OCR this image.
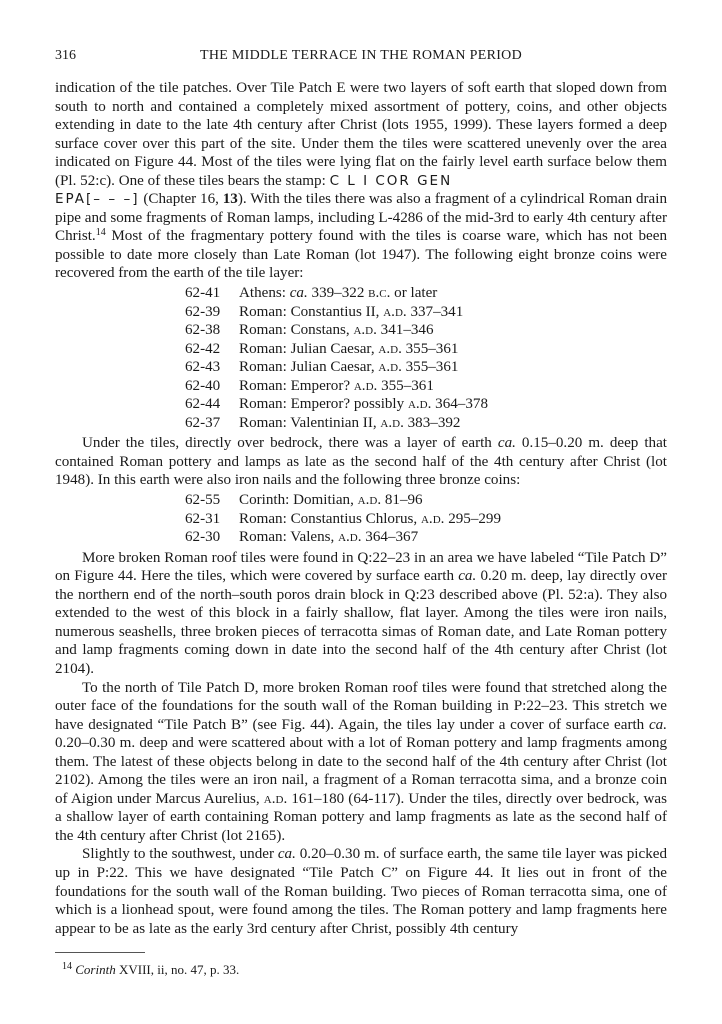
316	THE MIDDLE TERRACE IN THE ROMAN PERIOD

indication of the tile patches. Over Tile Patch E were two layers of soft earth that sloped down from south to north and contained a completely mixed assortment of pottery, coins, and other objects extending in date to the late 4th century after Christ (lots 1955, 1999). These layers formed a deep surface cover over this part of the site. Under them the tiles were scattered unevenly over the area indicated on Figure 44. Most of the tiles were lying flat on the fairly level earth surface below them (Pl. 52:c). One of these tiles bears the stamp: C L I COR GEN
EPA[– – –] (Chapter 16, 13). With the tiles there was also a fragment of a cylindrical Roman drain pipe and some fragments of Roman lamps, including L-4286 of the mid-3rd to early 4th century after Christ.$^{14}$ Most of the fragmentary pottery found with the tiles is coarse ware, which has not been possible to date more closely than Late Roman (lot 1947). The following eight bronze coins were recovered from the earth of the tile layer:

62-41	Athens: ca. 339–322 b.c. or later
62-39	Roman: Constantius II, a.d. 337–341
62-38	Roman: Constans, a.d. 341–346
62-42	Roman: Julian Caesar, a.d. 355–361
62-43	Roman: Julian Caesar, a.d. 355–361
62-40	Roman: Emperor? a.d. 355–361
62-44	Roman: Emperor? possibly a.d. 364–378
62-37	Roman: Valentinian II, a.d. 383–392

Under the tiles, directly over bedrock, there was a layer of earth ca. 0.15–0.20 m. deep that contained Roman pottery and lamps as late as the second half of the 4th century after Christ (lot 1948). In this earth were also iron nails and the following three bronze coins:

62-55	Corinth: Domitian, a.d. 81–96
62-31	Roman: Constantius Chlorus, a.d. 295–299
62-30	Roman: Valens, a.d. 364–367

More broken Roman roof tiles were found in Q:22–23 in an area we have labeled “Tile Patch D” on Figure 44. Here the tiles, which were covered by surface earth ca. 0.20 m. deep, lay directly over the northern end of the north–south poros drain block in Q:23 described above (Pl. 52:a). They also extended to the west of this block in a fairly shallow, flat layer. Among the tiles were iron nails, numerous seashells, three broken pieces of terracotta simas of Roman date, and Late Roman pottery and lamp fragments coming down in date into the second half of the 4th century after Christ (lot 2104).

To the north of Tile Patch D, more broken Roman roof tiles were found that stretched along the outer face of the foundations for the south wall of the Roman building in P:22–23. This stretch we have designated “Tile Patch B” (see Fig. 44). Again, the tiles lay under a cover of surface earth ca. 0.20–0.30 m. deep and were scattered about with a lot of Roman pottery and lamp fragments among them. The latest of these objects belong in date to the second half of the 4th century after Christ (lot 2102). Among the tiles were an iron nail, a fragment of a Roman terracotta sima, and a bronze coin of Aigion under Marcus Aurelius, a.d. 161–180 (64-117). Under the tiles, directly over bedrock, was a shallow layer of earth containing Roman pottery and lamp fragments as late as the second half of the 4th century after Christ (lot 2165).

Slightly to the southwest, under ca. 0.20–0.30 m. of surface earth, the same tile layer was picked up in P:22. This we have designated “Tile Patch C” on Figure 44. It lies out in front of the foundations for the south wall of the Roman building. Two pieces of Roman terracotta sima, one of which is a lionhead spout, were found among the tiles. The Roman pottery and lamp fragments here appear to be as late as the early 3rd century after Christ, possibly 4th century

$^{14}$ Corinth XVIII, ii, no. 47, p. 33.
